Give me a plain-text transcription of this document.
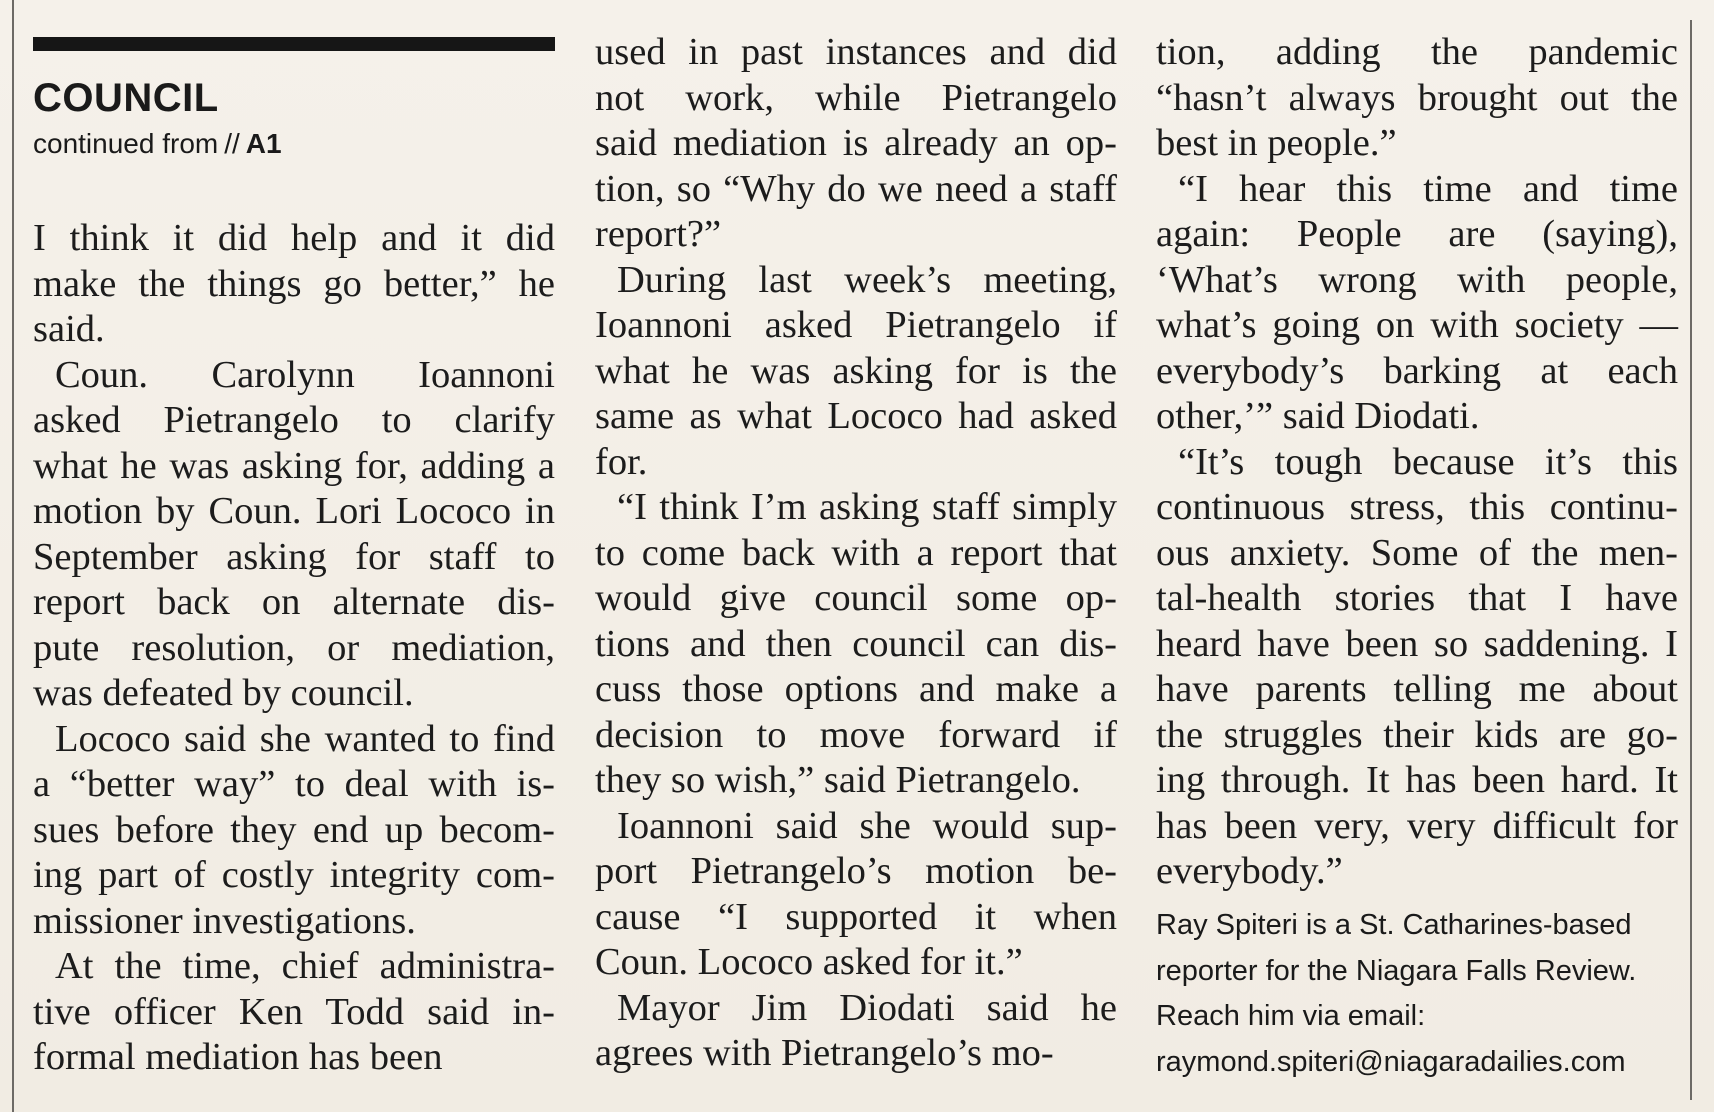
COUNCIL
continued from // A1

I think it did help and it did
make the things go better,” he
said.

Coun. Carolynn Ioannoni
asked Pietrangelo to clarify
what he was asking for, adding a
motion by Coun. Lori Lococo in
September asking for staff to
report back on alternate dis-
pute resolution, or mediation,
was defeated by council.

Lococo said she wanted to find
a “better way” to deal with is-
sues before they end up becom-
ing part of costly integrity com-
missioner investigations.

At the time, chief administra-
tive officer Ken Todd said in-
formal mediation has been

used in past instances and did
not work, while Pietrangelo
said mediation is already an op-
tion, so “Why do we need a staff
report?”

During last week’s meeting,
Ioannoni asked Pietrangelo if
what he was asking for is the
same as what Lococo had asked
for.

“I think I’m asking staff simply
to come back with a report that
would give council some op-
tions and then council can dis-
cuss those options and make a
decision to move forward if
they so wish,” said Pietrangelo.

Ioannoni said she would sup-
port Pietrangelo’s motion be-
cause “I supported it when
Coun. Lococo asked for it.”

Mayor Jim Diodati said he
agrees with Pietrangelo’s mo-

tion, adding the pandemic
“hasn’t always brought out the
best in people.”

“I hear this time and time
again: People are (saying),
‘What’s wrong with people,
what’s going on with society —
everybody’s barking at each
other,’” said Diodati.

“It’s tough because it’s this
continuous stress, this continu-
ous anxiety. Some of the men-
tal-health stories that I have
heard have been so saddening. I
have parents telling me about
the struggles their kids are go-
ing through. It has been hard. It
has been very, very difficult for
everybody.”

Ray Spiteri is a St. Catharines-based
reporter for the Niagara Falls Review.
Reach him via email:
raymond.spiteri@niagaradailies.com
